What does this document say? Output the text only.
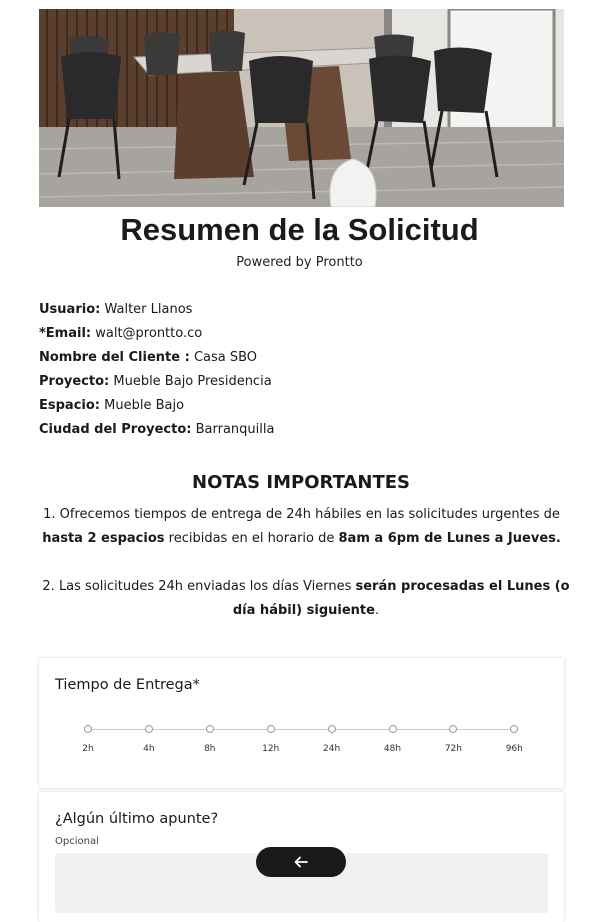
Resumen de la Solicitud
Powered by Prontto
Usuario: Walter Llanos
*Email: walt@prontto.co
Nombre del Cliente : Casa SBO
Proyecto: Mueble Bajo Presidencia
Espacio: Mueble Bajo
Ciudad del Proyecto: Barranquilla
NOTAS IMPORTANTES
1. Ofrecemos tiempos de entrega de 24h hábiles en las solicitudes urgentes de hasta 2 espacios recibidas en el horario de 8am a 6pm de Lunes a Jueves.
2. Las solicitudes 24h enviadas los días Viernes serán procesadas el Lunes (o día hábil) siguiente.
Tiempo de Entrega*
2h	4h	8h	12h	24h	48h	72h	96h
¿Algún último apunte?
Opcional
